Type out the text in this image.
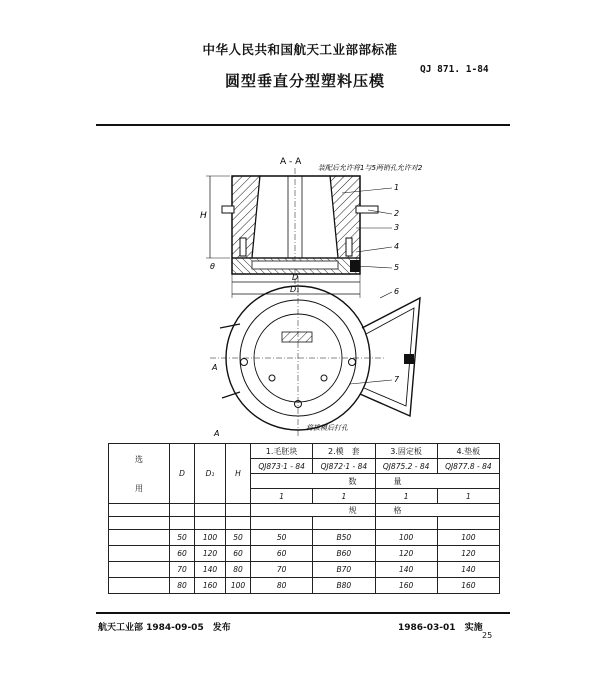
中华人民共和国航天工业部部标准
QJ 871. 1-84
圆型垂直分型塑料压模
A - A
装配后允许将1与5两销孔允许对2
H
D
D₁
θ
1
2
3
4
5
6
7
A
A
将拔模后打孔
选
用	D	D₁	H	1.毛胚块	2.模　套	3.固定板	4.垫板
				QJ873·1 - 84	QJ872·1 - 84	QJ875.2 - 84	QJ877.8 - 84
				数		量	
				1	1	1	1
				规		格	

	50	100	50	50	B50	100	100
	60	120	60	60	B60	120	120
	70	140	80	70	B70	140	140
	80	160	100	80	B80	160	160
航天工业部 1984-09-05　发布	1986-03-01　实施
25
